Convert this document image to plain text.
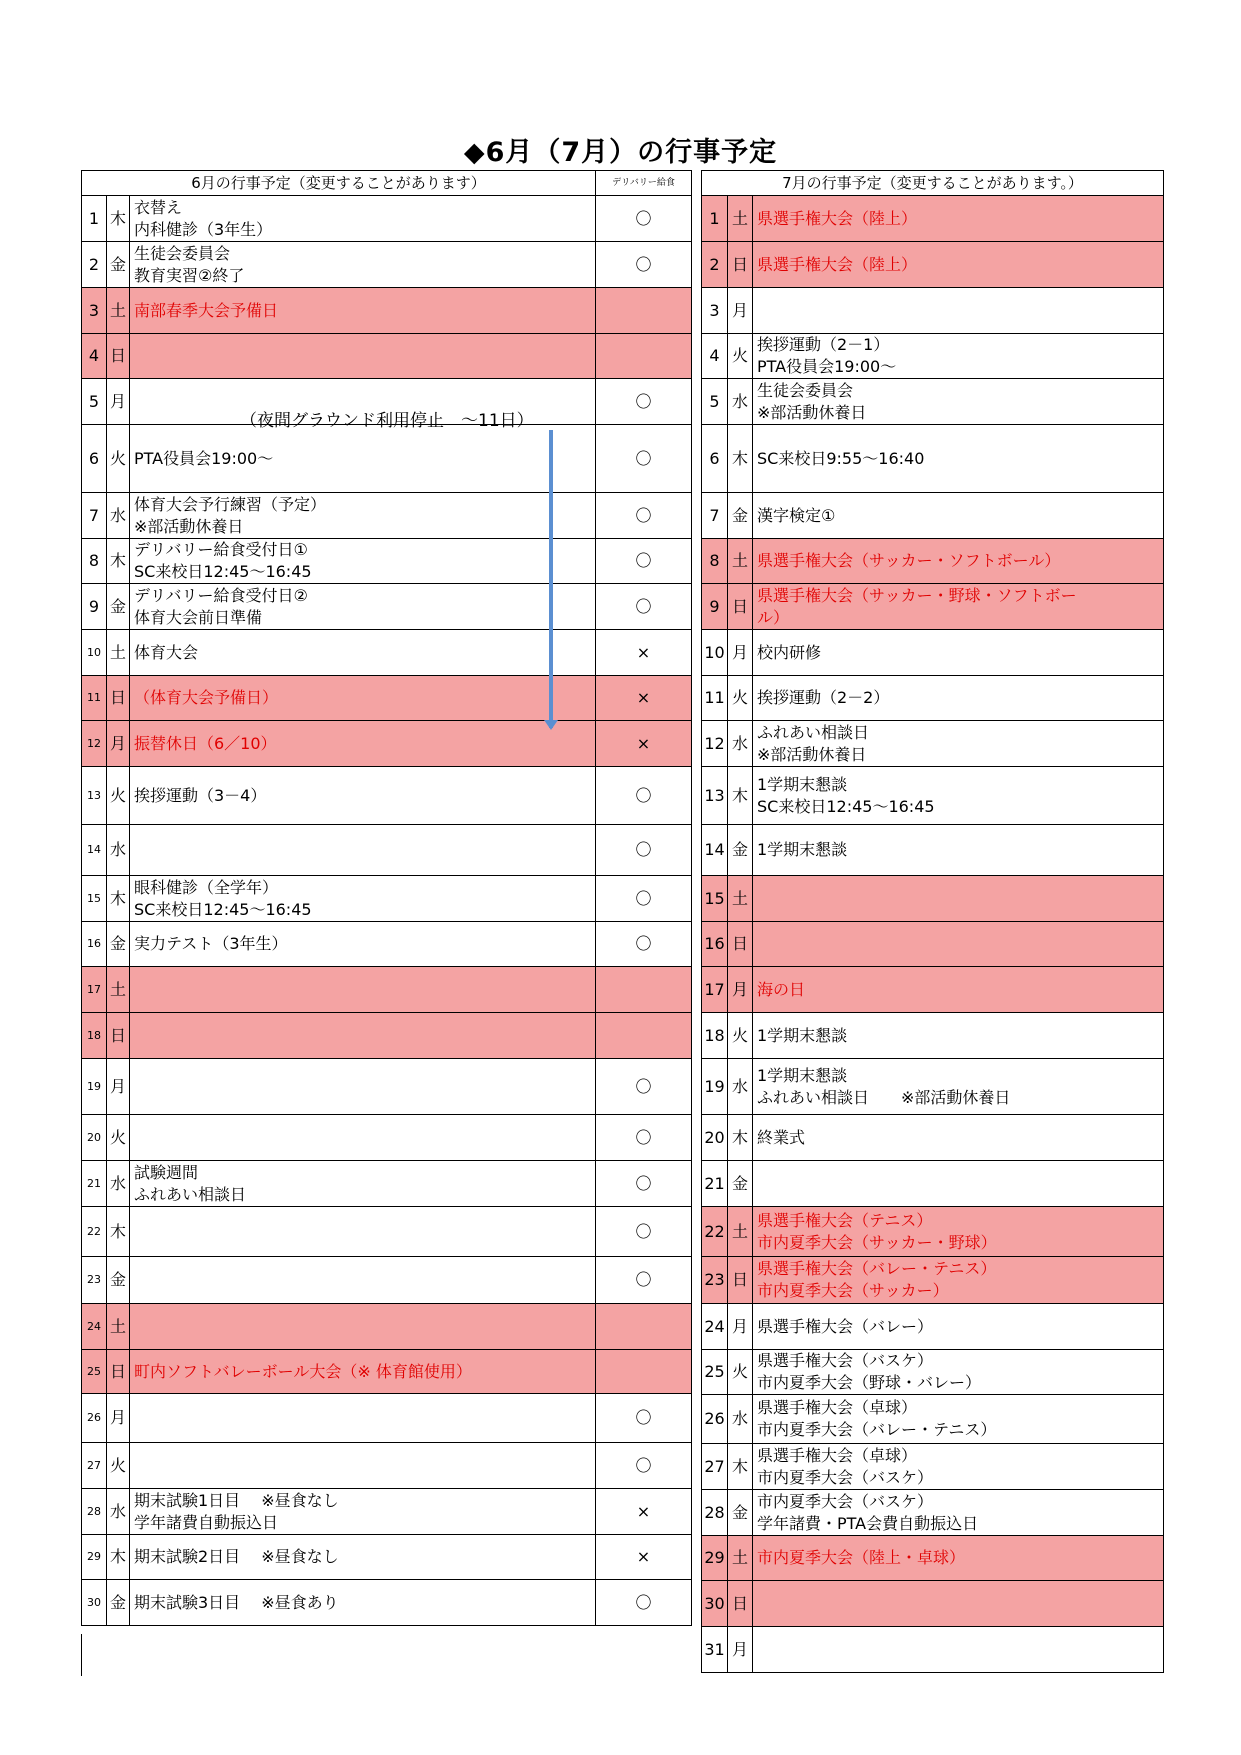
◆6月（7月）の行事予定
6月の行事予定（変更することがあります）			デリバリー給食
1	木	衣替え
内科健診（3年生）	〇
2	金	生徒会委員会
教育実習②終了	〇
3	土	南部春季大会予備日	
4	日		
5	月		〇
6	火	PTA役員会19:00～	〇
7	水	体育大会予行練習（予定）
※部活動休養日	〇
8	木	デリバリー給食受付日①
SC来校日12:45～16:45	〇
9	金	デリバリー給食受付日②
体育大会前日準備	〇
10	土	体育大会	×
11	日	（体育大会予備日）	×
12	月	振替休日（6／10）	×
13	火	挨拶運動（3－4）	〇
14	水		〇
15	木	眼科健診（全学年）
SC来校日12:45～16:45	〇
16	金	実力テスト（3年生）	〇
17	土		
18	日		
19	月		〇
20	火		〇
21	水	試験週間
ふれあい相談日	〇
22	木		〇
23	金		〇
24	土		
25	日	町内ソフトバレーボール大会（※ 体育館使用）	
26	月		〇
27	火		〇
28	水	期末試験1日目　 ※昼食なし
学年諸費自動振込日	×
29	木	期末試験2日目　 ※昼食なし	×
30	金	期末試験3日目　 ※昼食あり	〇
7月の行事予定（変更することがあります。）		
1	土	県選手権大会（陸上）
2	日	県選手権大会（陸上）
3	月	
4	火	挨拶運動（2－1）
PTA役員会19:00～
5	水	生徒会委員会
※部活動休養日
6	木	SC来校日9:55～16:40
7	金	漢字検定①
8	土	県選手権大会（サッカー・ソフトボール）
9	日	県選手権大会（サッカー・野球・ソフトボー
ル）
10	月	校内研修
11	火	挨拶運動（2－2）
12	水	ふれあい相談日
※部活動休養日
13	木	1学期末懇談
SC来校日12:45～16:45
14	金	1学期末懇談
15	土	
16	日	
17	月	海の日
18	火	1学期末懇談
19	水	1学期末懇談
ふれあい相談日　　※部活動休養日
20	木	終業式
21	金	
22	土	県選手権大会（テニス）
市内夏季大会（サッカー・野球）
23	日	県選手権大会（バレー・テニス）
市内夏季大会（サッカー）
24	月	県選手権大会（バレー）
25	火	県選手権大会（バスケ）
市内夏季大会（野球・バレー）
26	水	県選手権大会（卓球）
市内夏季大会（バレー・テニス）
27	木	県選手権大会（卓球）
市内夏季大会（バスケ）
28	金	市内夏季大会（バスケ）
学年諸費・PTA会費自動振込日
29	土	市内夏季大会（陸上・卓球）
30	日	
31	月	
（夜間グラウンド利用停止　～11日）
